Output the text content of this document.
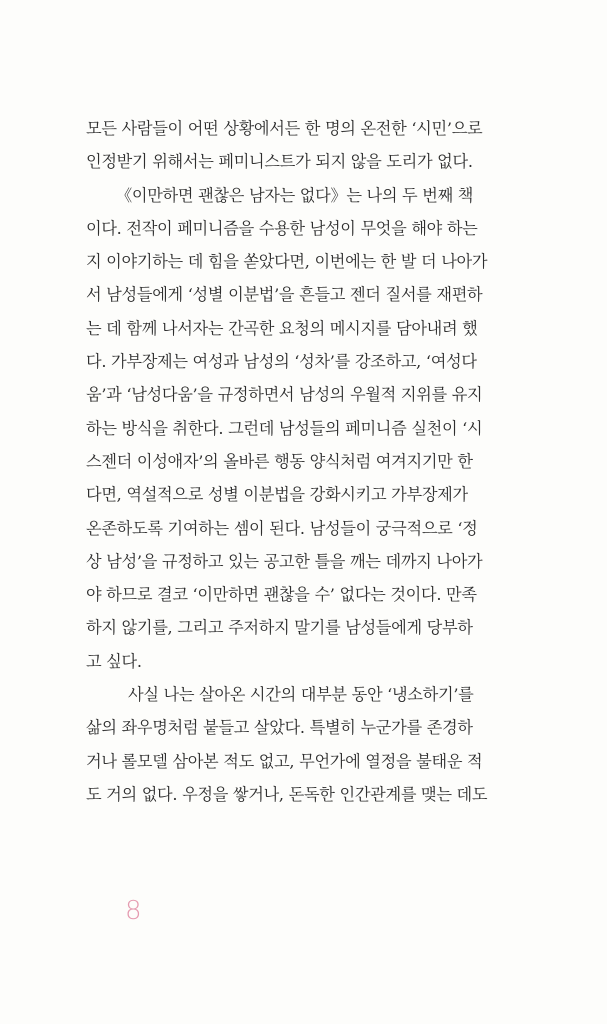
모든 사람들이 어떤 상황에서든 한 명의 온전한 ‘시민’으로
인정받기 위해서는 페미니스트가 되지 않을 도리가 없다.
《이만하면 괜찮은 남자는 없다》는 나의 두 번째 책
이다. 전작이 페미니즘을 수용한 남성이 무엇을 해야 하는
지 이야기하는 데 힘을 쏟았다면, 이번에는 한 발 더 나아가
서 남성들에게 ‘성별 이분법’을 흔들고 젠더 질서를 재편하
는 데 함께 나서자는 간곡한 요청의 메시지를 담아내려 했
다. 가부장제는 여성과 남성의 ‘성차’를 강조하고, ‘여성다
움’과 ‘남성다움’을 규정하면서 남성의 우월적 지위를 유지
하는 방식을 취한다. 그런데 남성들의 페미니즘 실천이 ‘시
스젠더 이성애자’의 올바른 행동 양식처럼 여겨지기만 한
다면, 역설적으로 성별 이분법을 강화시키고 가부장제가
온존하도록 기여하는 셈이 된다. 남성들이 궁극적으로 ‘정
상 남성’을 규정하고 있는 공고한 틀을 깨는 데까지 나아가
야 하므로 결코 ‘이만하면 괜찮을 수’ 없다는 것이다. 만족
하지 않기를, 그리고 주저하지 말기를 남성들에게 당부하
고 싶다.
사실 나는 살아온 시간의 대부분 동안 ‘냉소하기’를
삶의 좌우명처럼 붙들고 살았다. 특별히 누군가를 존경하
거나 롤모델 삼아본 적도 없고, 무언가에 열정을 불태운 적
도 거의 없다. 우정을 쌓거나, 돈독한 인간관계를 맺는 데도
8
